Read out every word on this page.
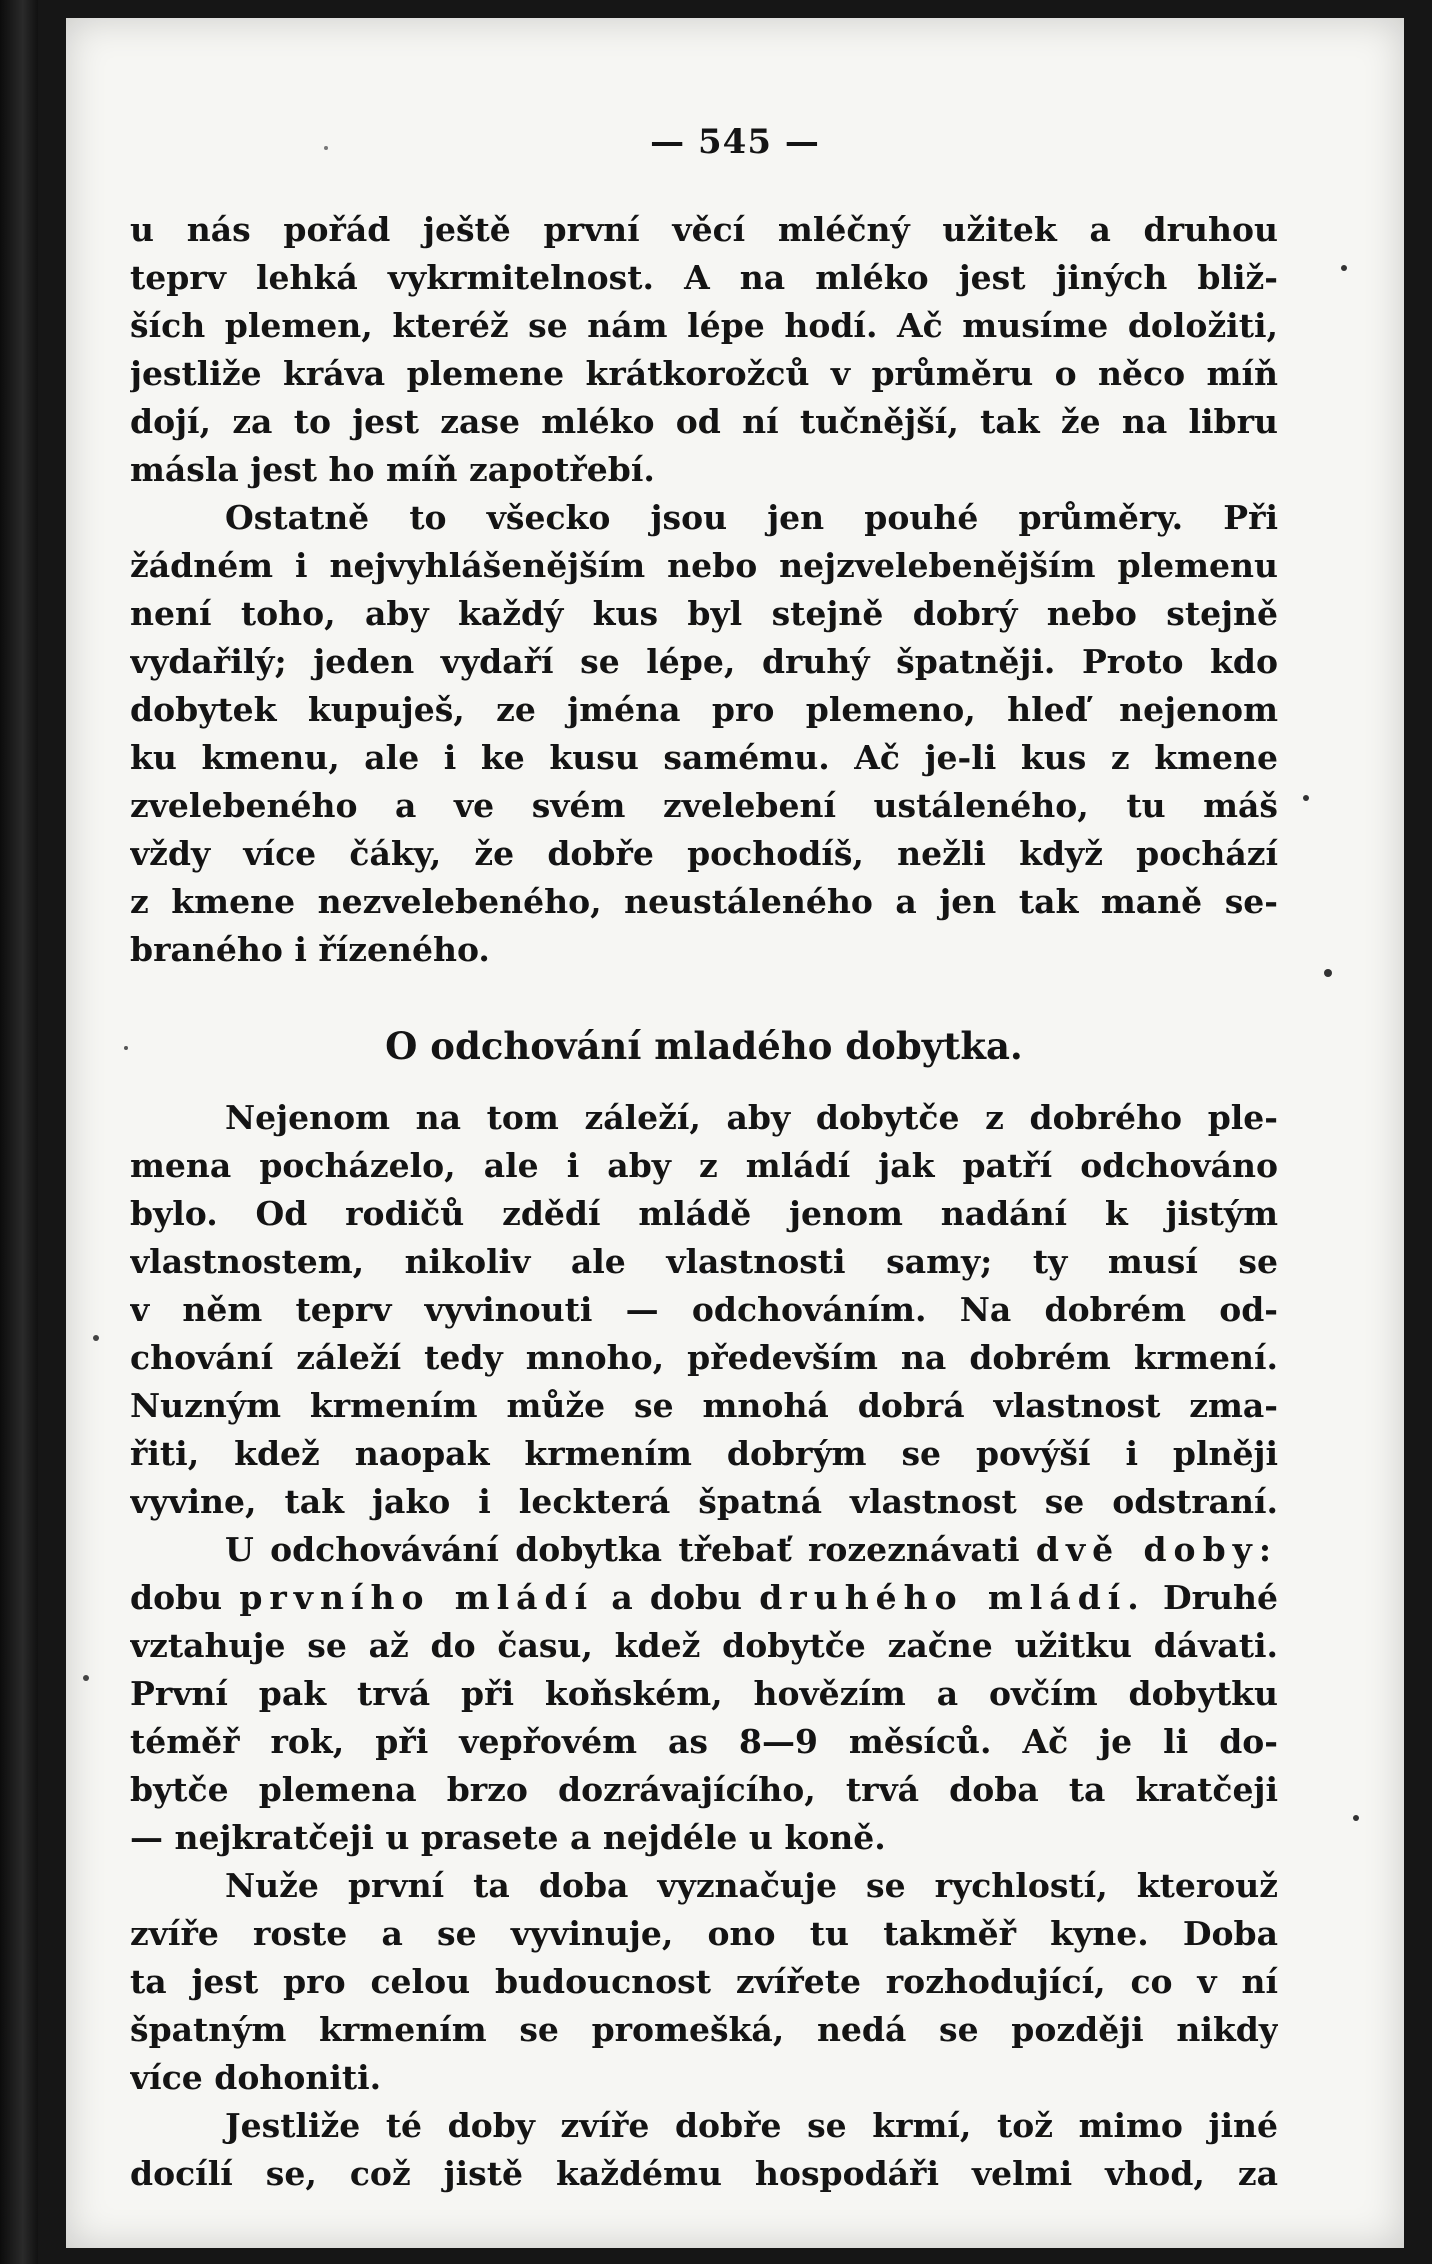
— 545 —
u nás pořád ještě první věcí mléčný užitek a druhou
teprv lehká vykrmitelnost. A na mléko jest jiných bliž-
ších plemen, kteréž se nám lépe hodí. Ač musíme doložiti,
jestliže kráva plemene krátkorožců v průměru o něco míň
dojí, za to jest zase mléko od ní tučnější, tak že na libru
másla jest ho míň zapotřebí.
Ostatně to všecko jsou jen pouhé průměry. Při
žádném i nejvyhlášenějším nebo nejzvelebenějším plemenu
není toho, aby každý kus byl stejně dobrý nebo stejně
vydařilý; jeden vydaří se lépe, druhý špatněji. Proto kdo
dobytek kupuješ, ze jména pro plemeno, hleď nejenom
ku kmenu, ale i ke kusu samému. Ač je-li kus z kmene
zvelebeného a ve svém zvelebení ustáleného, tu máš
vždy více čáky, že dobře pochodíš, nežli když pochází
z kmene nezvelebeného, neustáleného a jen tak maně se-
braného i řízeného.
O odchování mladého dobytka.
Nejenom na tom záleží, aby dobytče z dobrého ple-
mena pocházelo, ale i aby z mládí jak patří odchováno
bylo. Od rodičů zdědí mládě jenom nadání k jistým
vlastnostem, nikoliv ale vlastnosti samy; ty musí se
v něm teprv vyvinouti — odchováním. Na dobrém od-
chování záleží tedy mnoho, především na dobrém krmení.
Nuzným krmením může se mnohá dobrá vlastnost zma-
řiti, kdež naopak krmením dobrým se povýší i plněji
vyvine, tak jako i leckterá špatná vlastnost se odstraní.
U odchovávání dobytka třebať rozeznávati dvě doby:
dobu prvního mládí a dobu druhého mládí. Druhé
vztahuje se až do času, kdež dobytče začne užitku dávati.
První pak trvá při koňském, hovězím a ovčím dobytku
téměř rok, při vepřovém as 8—9 měsíců. Ač je li do-
bytče plemena brzo dozrávajícího, trvá doba ta kratčeji
— nejkratčeji u prasete a nejdéle u koně.
Nuže první ta doba vyznačuje se rychlostí, kterouž
zvíře roste a se vyvinuje, ono tu takměř kyne. Doba
ta jest pro celou budoucnost zvířete rozhodující, co v ní
špatným krmením se promešká, nedá se později nikdy
více dohoniti.
Jestliže té doby zvíře dobře se krmí, tož mimo jiné
docílí se, což jistě každému hospodáři velmi vhod, za
